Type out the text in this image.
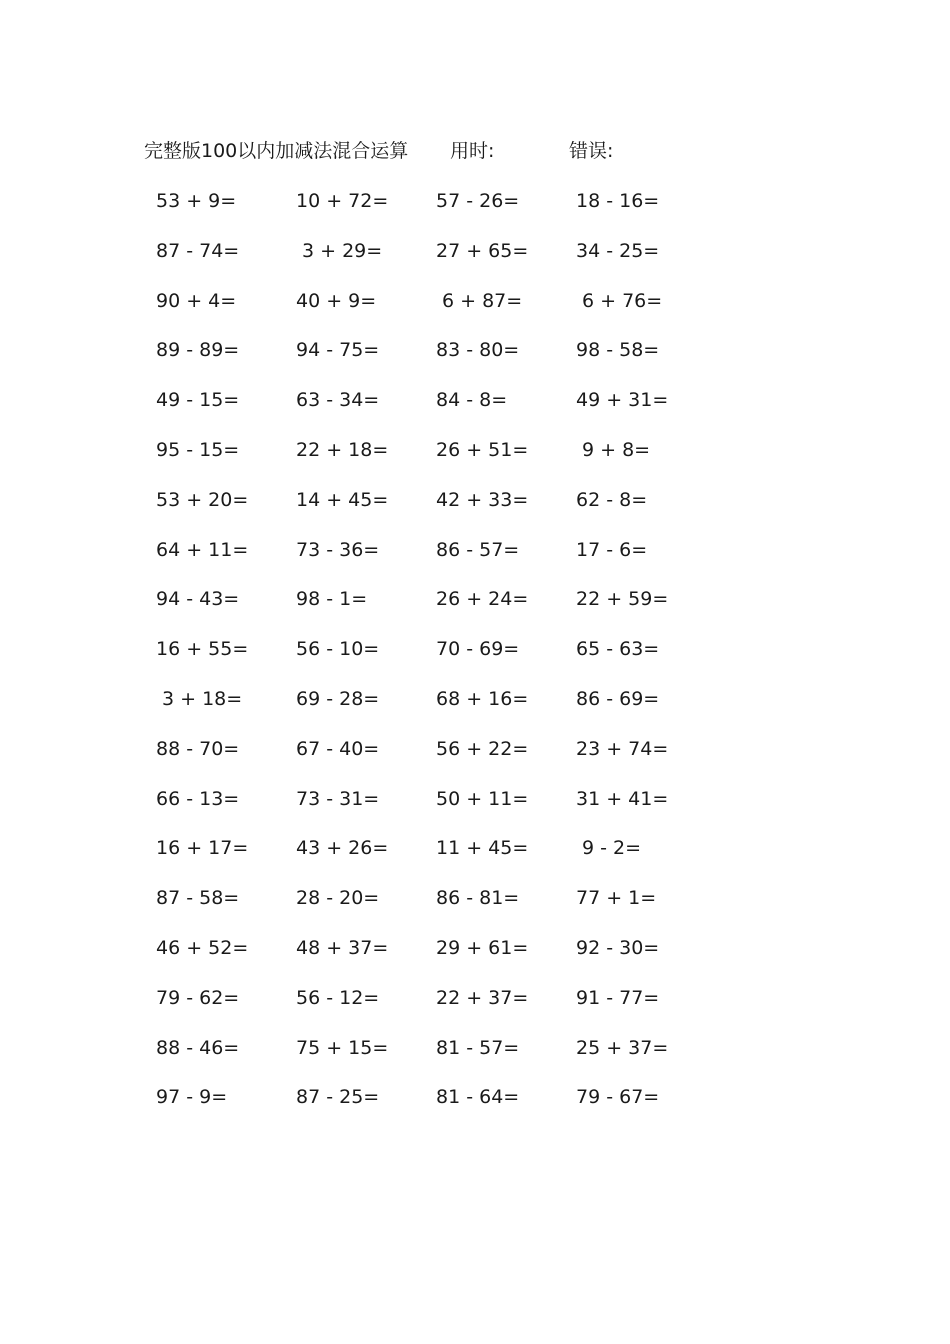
完整版100以内加减法混合运算 用时:	错误:
53 + 9=	10 + 72=	57 - 26=	18 - 16=
87 - 74=	3 + 29=	27 + 65=	34 - 25=
90 + 4=	40 + 9=	6 + 87=	6 + 76=
89 - 89=	94 - 75=	83 - 80=	98 - 58=
49 - 15=	63 - 34=	84 - 8=	49 + 31=
95 - 15=	22 + 18=	26 + 51=	9 + 8=
53 + 20=	14 + 45=	42 + 33=	62 - 8=
64 + 11=	73 - 36=	86 - 57=	17 - 6=
94 - 43=	98 - 1=	26 + 24=	22 + 59=
16 + 55=	56 - 10=	70 - 69=	65 - 63=
3 + 18=	69 - 28=	68 + 16=	86 - 69=
88 - 70=	67 - 40=	56 + 22=	23 + 74=
66 - 13=	73 - 31=	50 + 11=	31 + 41=
16 + 17=	43 + 26=	11 + 45=	9 - 2=
87 - 58=	28 - 20=	86 - 81=	77 + 1=
46 + 52=	48 + 37=	29 + 61=	92 - 30=
79 - 62=	56 - 12=	22 + 37=	91 - 77=
88 - 46=	75 + 15=	81 - 57=	25 + 37=
97 - 9=	87 - 25=	81 - 64=	79 - 67=
